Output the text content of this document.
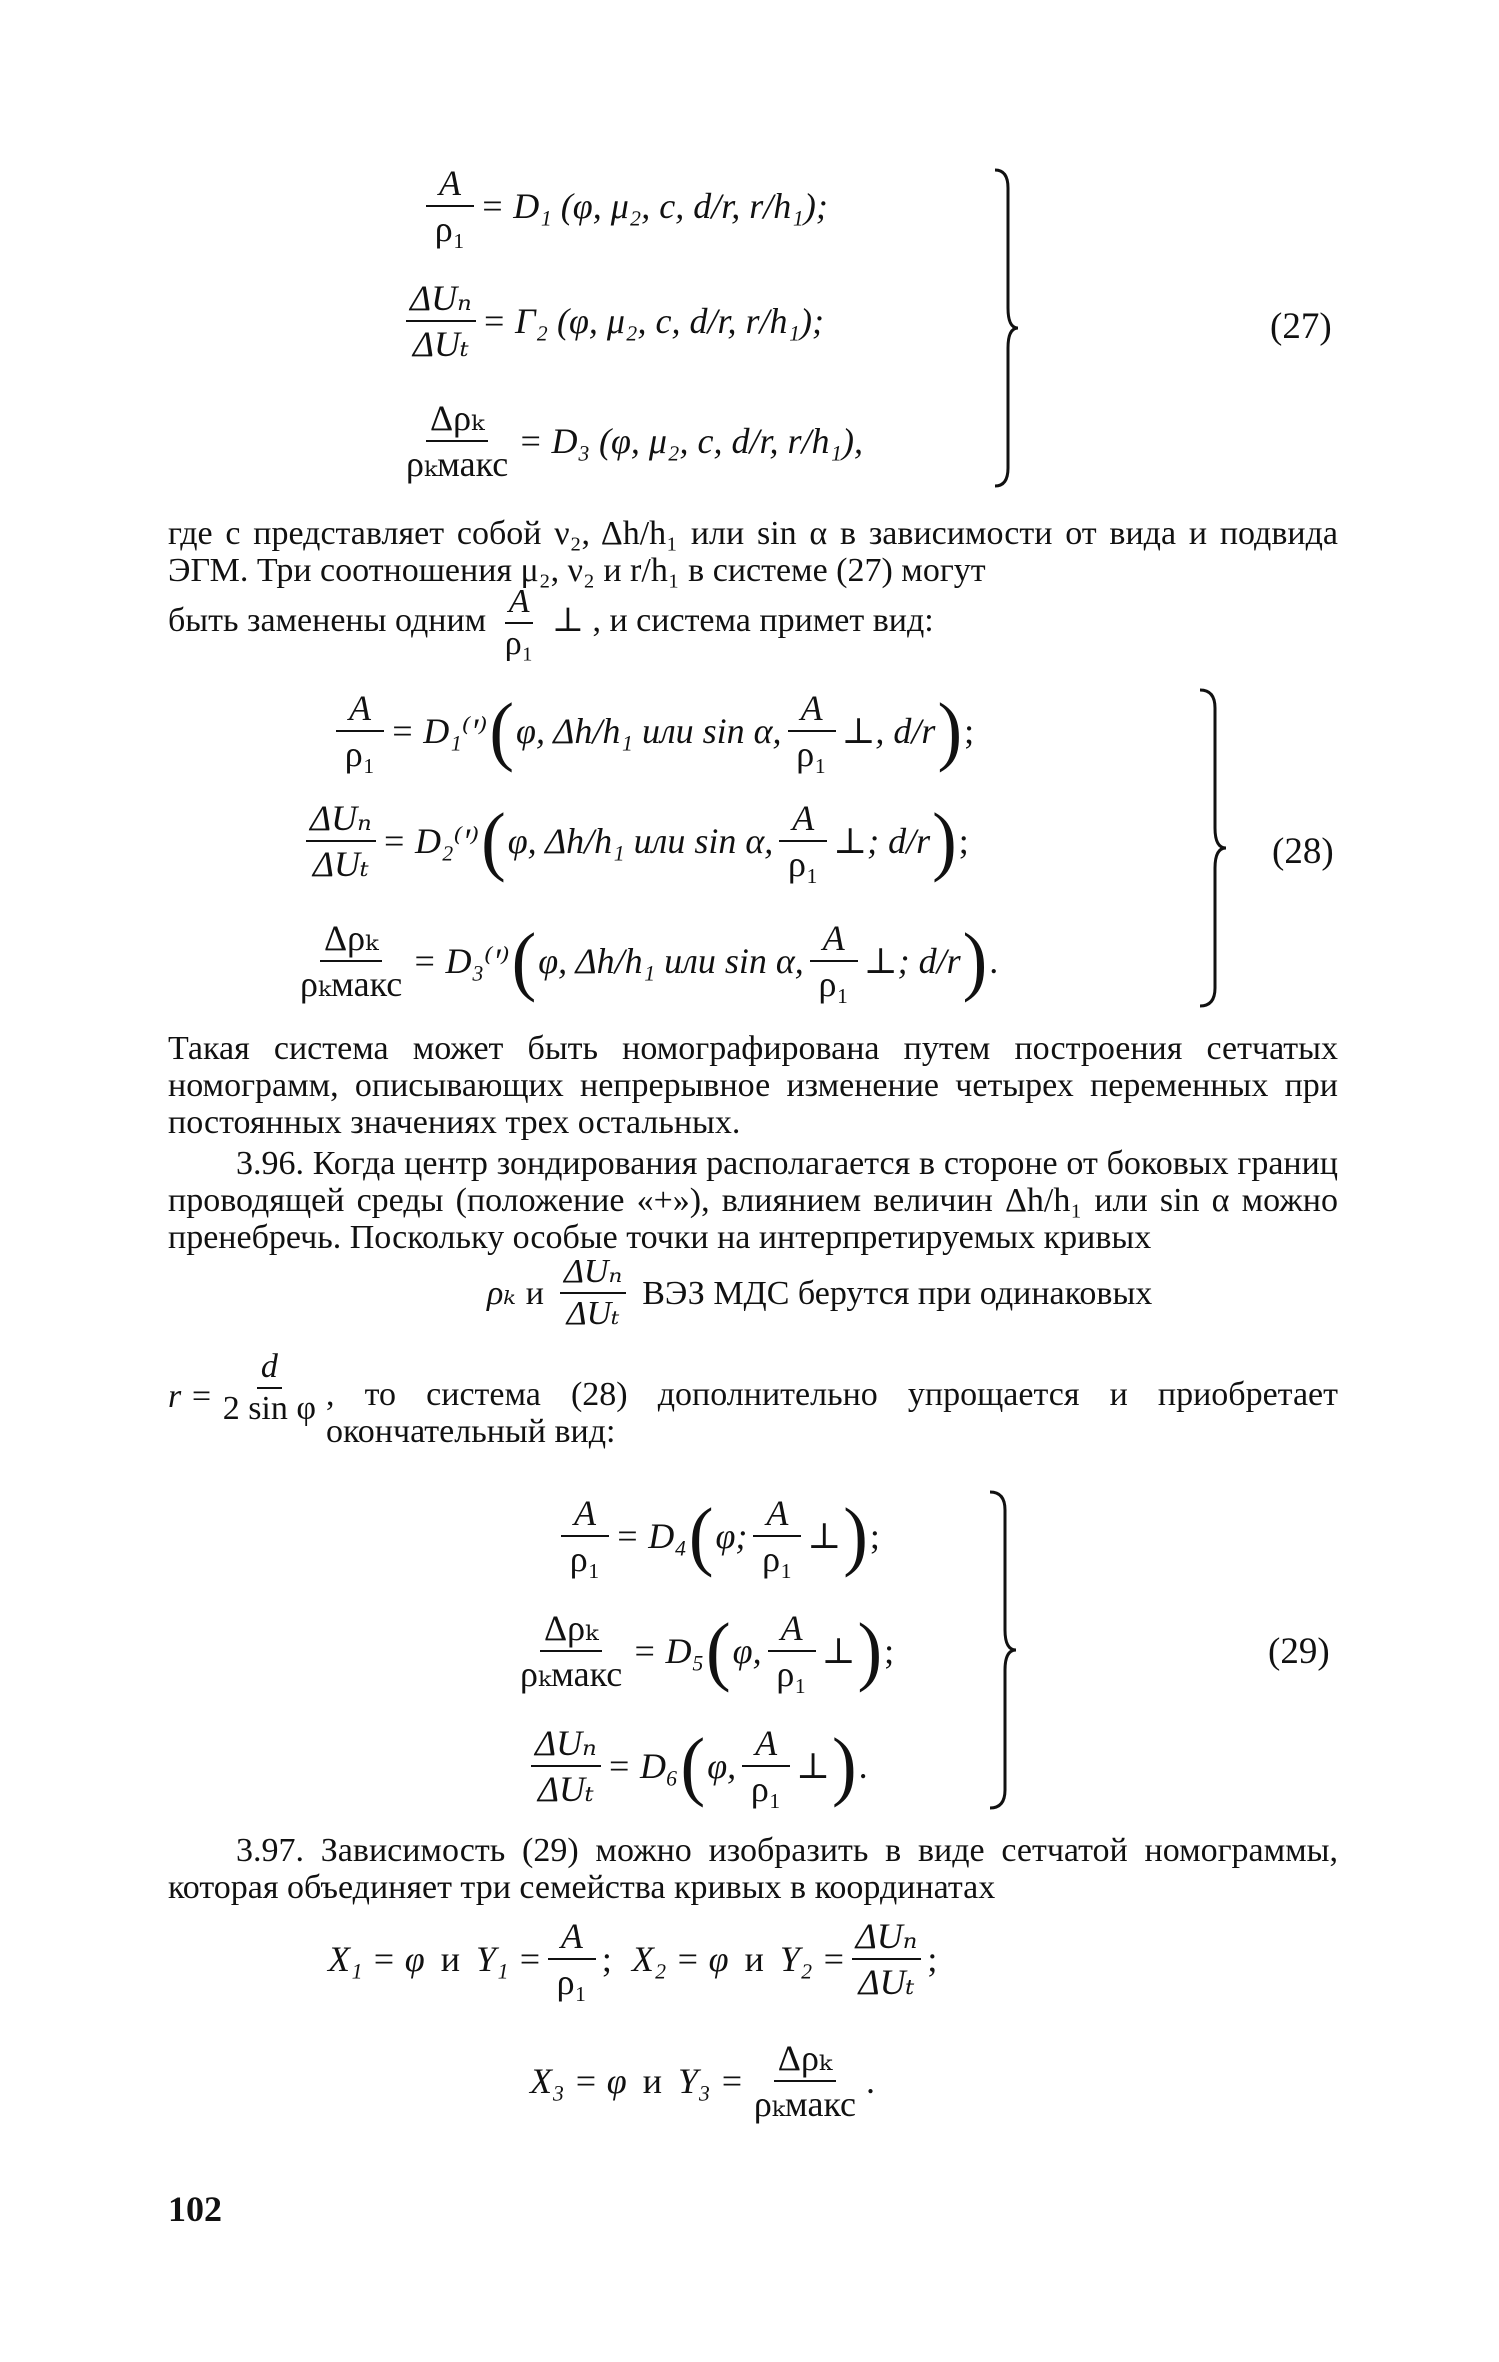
$\frac{A}{\text{ρ₁}} = D_1$ (φ, μ₂, c, d/r, r/h₁);
$\frac{\text{ΔUₙ}}{\text{ΔUₜ}} = Г_2$ (φ, μ₂, c, d/r, r/h₁);
$\frac{\text{Δρₖ}}{\text{ρₖмакс}} = D_3$ (φ, μ₂, c, d/r, r/h₁),
(27)

где c представляет собой ν₂, Δh/h₁ или sin α в зависимости от вида и подвида ЭГМ. Три соотношения μ₂, ν₂ и r/h₁ в системе (27) могут

быть заменены одним $\frac{A}{\text{ρ₁}}$ ⊥ , и система примет вид:
$\frac{A}{\text{ρ₁}} = D_1^('^)$ ( φ, Δh/h₁ или sin α, $\frac{A}{\text{ρ₁}}$ ⊥, d/r ) ;
$\frac{\text{ΔUₙ}}{\text{ΔUₜ}} = D_2^('^)$ ( φ, Δh/h₁ или sin α, $\frac{A}{\text{ρ₁}}$ ⊥; d/r ) ;
$\frac{\text{Δρₖ}}{\text{ρₖмакс}} = D_3^('^)$ ( φ, Δh/h₁ или sin α, $\frac{A}{\text{ρ₁}}$ ⊥; d/r ) .
(28)

Такая система может быть номографирована путем построения сетчатых номограмм, описывающих непрерывное изменение четырех переменных при постоянных значениях трех остальных.

3.96. Когда центр зондирования располагается в стороне от боковых границ проводящей среды (положение «+»), влиянием величин Δh/h₁ или sin α можно пренебречь. Поскольку особые точки на интерпретируемых кривых

ρₖ и $\frac{\text{ΔUₙ}}{\text{ΔUₜ}}$ ВЭЗ МДС берутся при одинаковых
$r = \frac{d}{\text{2 sin φ}}$ , то система (28) дополнительно упрощается и приобретает окончательный вид:
$\frac{A}{\text{ρ₁}} = D_4$ ( φ; $\frac{A}{\text{ρ₁}}$ ⊥ ) ;
$\frac{\text{Δρₖ}}{\text{ρₖмакс}} = D_5$ ( φ, $\frac{A}{\text{ρ₁}}$ ⊥ ) ;
$\frac{\text{ΔUₙ}}{\text{ΔUₜ}} = D_6$ ( φ, $\frac{A}{\text{ρ₁}}$ ⊥ ) .
(29)

3.97. Зависимость (29) можно изобразить в виде сетчатой номограммы, которая объединяет три семейства кривых в координатах

X₁ = φ и $Y_1 = \frac{A}{\text{ρ₁}}$ ; X₂ = φ и $Y_2 = \frac{\text{ΔUₙ}}{\text{ΔUₜ}}$ ;
X₃ = φ и $Y_3 = \frac{\text{Δρₖ}}{\text{ρₖмакс}}$ .
102
